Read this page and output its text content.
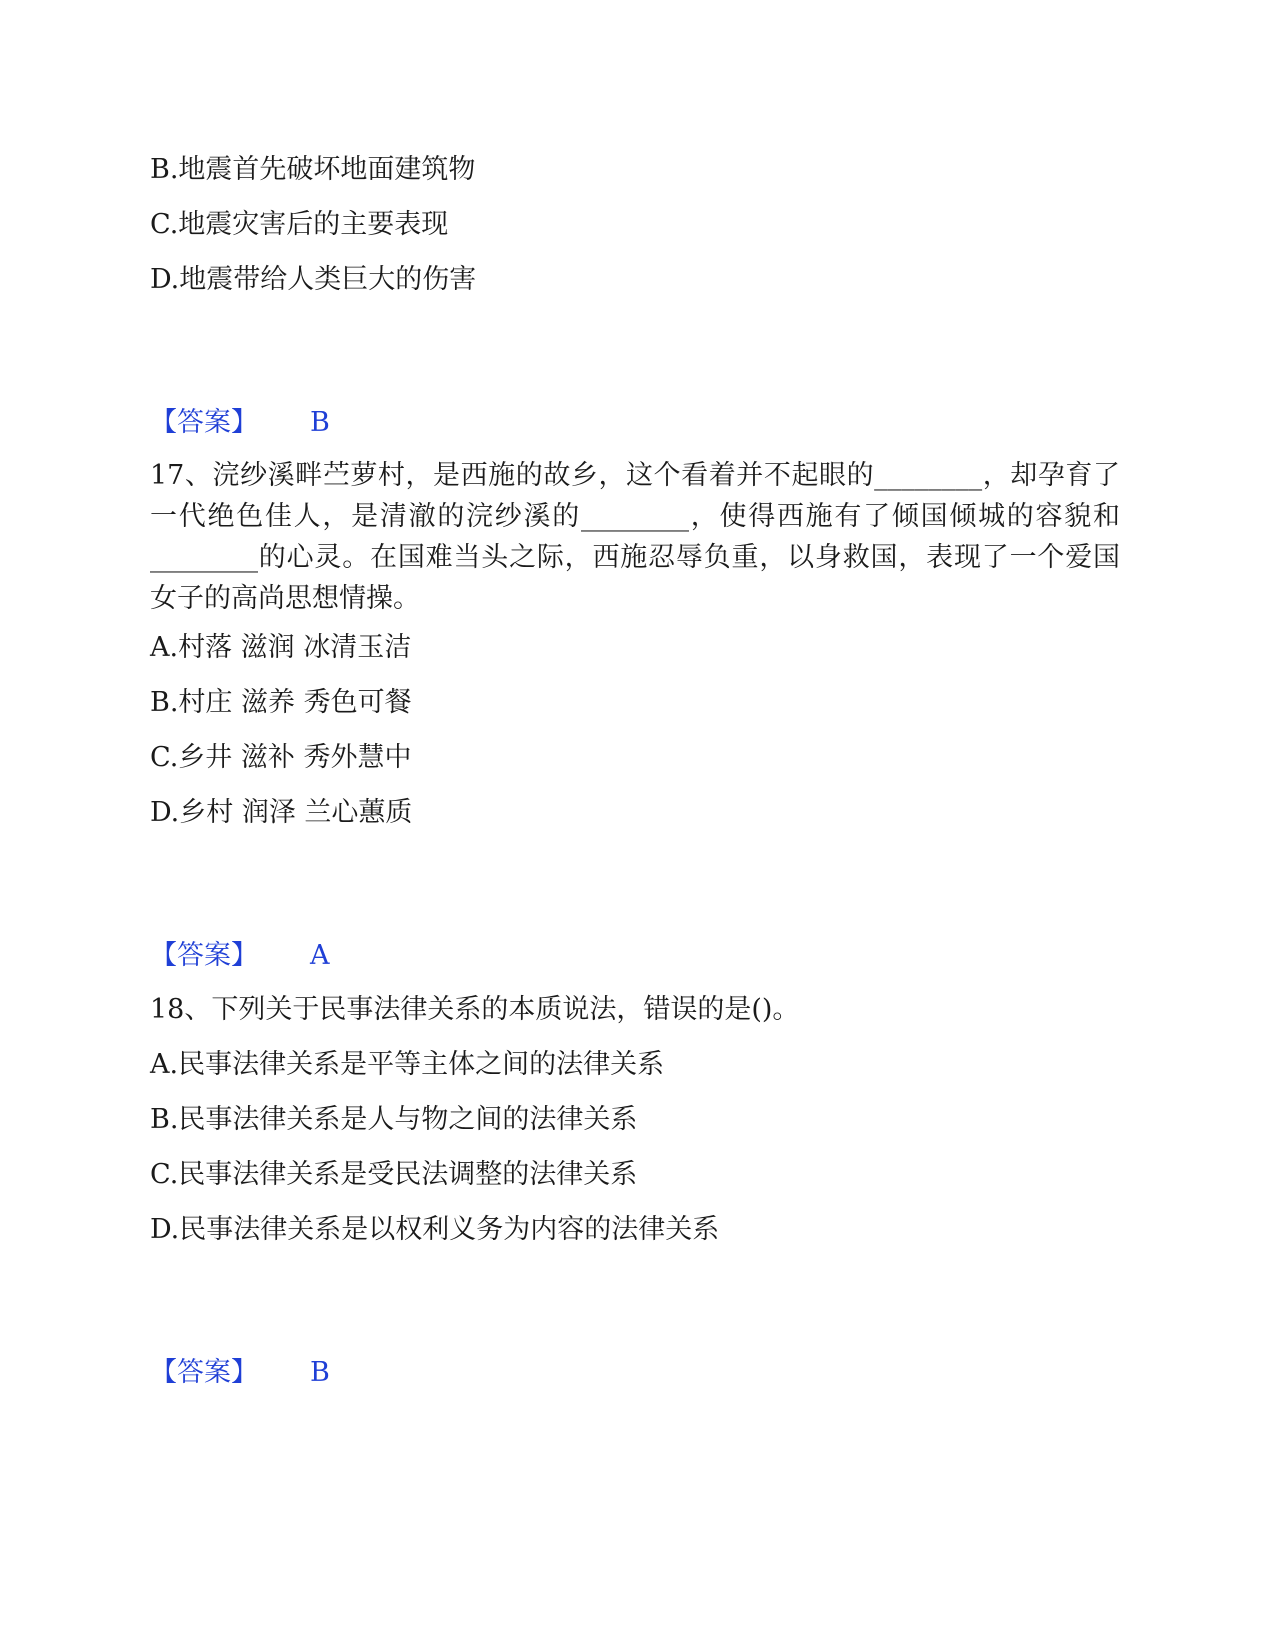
B.地震首先破坏地面建筑物
C.地震灾害后的主要表现
D.地震带给人类巨大的伤害
【答案】 B
17、浣纱溪畔苎萝村，是西施的故乡，这个看着并不起眼的________，却孕育了一代绝色佳人，是清澈的浣纱溪的________，使得西施有了倾国倾城的容貌和________的心灵。在国难当头之际，西施忍辱负重，以身救国，表现了一个爱国女子的高尚思想情操。
A.村落 滋润 冰清玉洁
B.村庄 滋养 秀色可餐
C.乡井 滋补 秀外慧中
D.乡村 润泽 兰心蕙质
【答案】 A
18、下列关于民事法律关系的本质说法，错误的是()。
A.民事法律关系是平等主体之间的法律关系
B.民事法律关系是人与物之间的法律关系
C.民事法律关系是受民法调整的法律关系
D.民事法律关系是以权利义务为内容的法律关系
【答案】 B
